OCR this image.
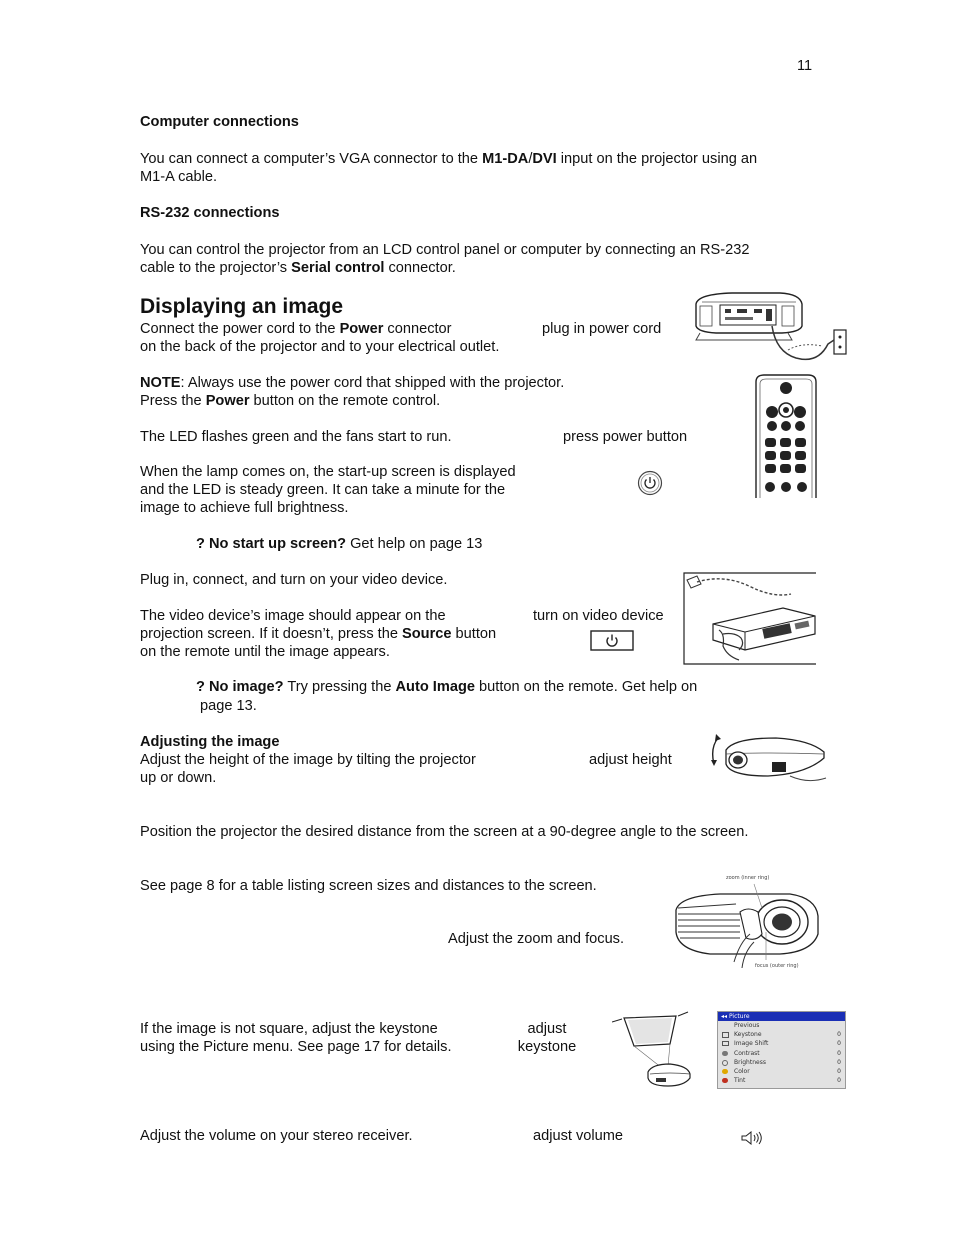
11
Computer connections
You can connect a computer’s VGA connector to the M1-DA/DVI input on the projector using an
M1-A cable.
RS-232 connections
You can control the projector from an LCD control panel or computer by connecting an RS-232
cable to the projector’s Serial control connector.
Displaying an image
Connect the power cord to the Power connector
on the back of the projector and to your electrical outlet.
plug in power cord
NOTE: Always use the power cord that shipped with the projector.
Press the Power button on the remote control.
The LED flashes green and the fans start to run.	press power button
When the lamp comes on, the start-up screen is displayed
and the LED is steady green. It can take a minute for the
image to achieve full brightness.
? No start up screen? Get help on page 13
Plug in, connect, and turn on your video device.
The video device’s image should appear on the
projection screen. If it doesn’t, press the Source button
on the remote until the image appears.
turn on video device
? No image? Try pressing the Auto Image button on the remote. Get help on
page 13.
Adjusting the image
Adjust the height of the image by tilting the projector
up or down.
adjust height
Position the projector the desired distance from the screen at a 90-degree angle to the screen.
See page 8 for a table listing screen sizes and distances to the screen.
Adjust the zoom and focus.
zoom (inner ring)
focus (outer ring)
If the image is not square, adjust the keystone
using the Picture menu. See page 17 for details.
adjust
keystone
◂◂ Picture
Previous
Keystone	0
Image Shift	0
Contrast	0
Brightness	0
Color	0
Tint	0
Adjust the volume on your stereo receiver.	adjust volume
